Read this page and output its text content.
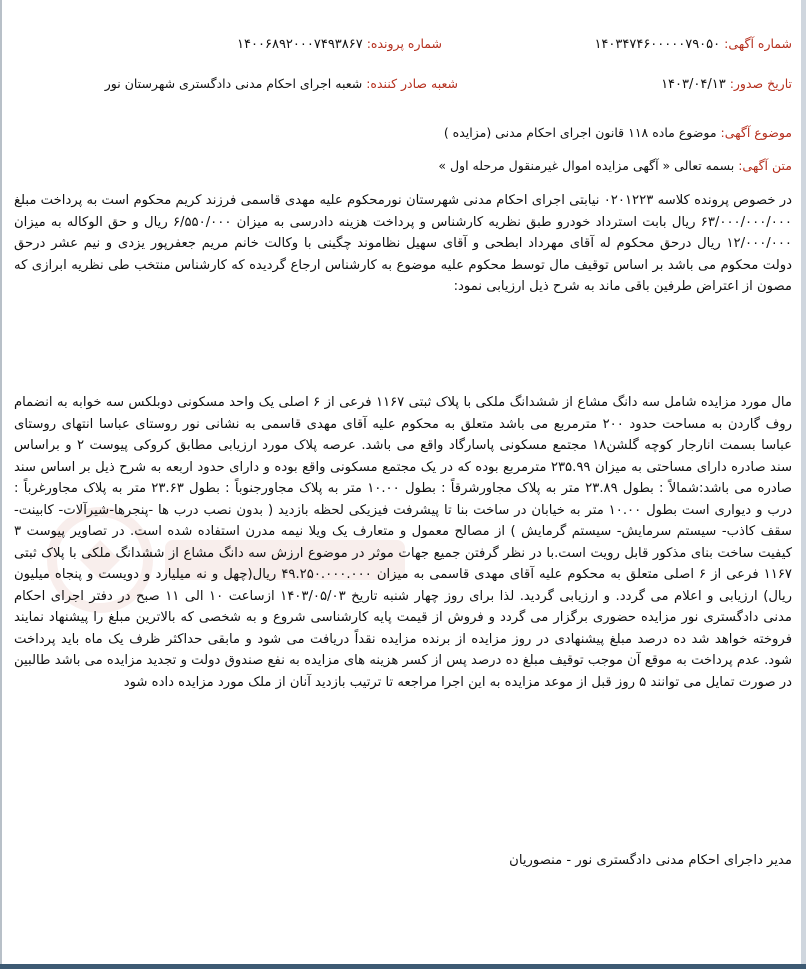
شماره آگهی: ۱۴۰۳۴۷۴۶۰۰۰۰۰۷۹۰۵۰
شماره پرونده: ۱۴۰۰۶۸۹۲۰۰۰۷۴۹۳۸۶۷
تاریخ صدور: ۱۴۰۳/۰۴/۱۳
شعبه صادر کننده: شعبه اجرای احکام مدنی دادگستری شهرستان نور
موضوع آگهی: موضوع ماده ۱۱۸ قانون اجرای احکام مدنی (مزایده )
متن آگهی: بسمه تعالی « آگهی مزایده اموال غیرمنقول مرحله اول »

در خصوص پرونده کلاسه ۰۲۰۱۲۲۳ نیابتی اجرای احکام مدنی شهرستان نورمحکوم علیه مهدی قاسمی فرزند کریم محکوم است به پرداخت مبلغ ۶۳/۰۰۰/۰۰۰/۰۰۰ ریال بابت استرداد خودرو طبق نظریه کارشناس و پرداخت هزینه دادرسی به میزان ۶/۵۵۰/۰۰۰ ریال و حق الوکاله به میزان ۱۲/۰۰۰/۰۰۰ ریال درحق محکوم له آقای مهرداد ابطحی و آقای سهیل نظاموند چگینی با وکالت خانم مریم جعفرپور یزدی و نیم عشر درحق دولت محکوم می باشد بر اساس توقیف مال توسط محکوم علیه موضوع به کارشناس ارجاع گردیده که کارشناس منتخب طی نظریه ابرازی که مصون از اعتراض طرفین باقی ماند به شرح ذیل ارزیابی نمود:

مال مورد مزایده شامل سه دانگ مشاع از ششدانگ ملکی با پلاک ثبتی ۱۱۶۷ فرعی از ۶ اصلی یک واحد مسکونی دوبلکس سه خوابه به انضمام روف گاردن به مساحت حدود ۲۰۰ مترمربع می باشد متعلق به محکوم علیه آقای مهدی قاسمی به نشانی نور روستای عباسا انتهای روستای عباسا بسمت انارجار کوچه گلشن۱۸ مجتمع مسکونی پاسارگاد واقع می باشد. عرصه پلاک مورد ارزیابی مطابق کروکی پیوست ۲ و براساس سند صادره دارای مساحتی به میزان ۲۳۵.۹۹ مترمربع بوده که در یک مجتمع مسکونی واقع بوده و دارای حدود اربعه به شرح ذیل بر اساس سند صادره می باشد:شمالاً : بطول ۲۳.۸۹ متر به پلاک مجاورشرقاً : بطول ۱۰.۰۰ متر به پلاک مجاورجنوباً : بطول ۲۳.۶۳ متر به پلاک مجاورغرباً : درب و دیواری است بطول ۱۰.۰۰ متر به خیابان در ساخت بنا تا پیشرفت فیزیکی لحظه بازدید ( بدون نصب درب ها -پنجرها-شیرآلات- کابینت- سقف کاذب- سیستم سرمایش- سیستم گرمایش ) از مصالح معمول و متعارف یک ویلا نیمه مدرن استفاده شده است. در تصاویر پیوست ۳ کیفیت ساخت بنای مذکور قابل رویت است.با در نظر گرفتن جمیع جهات موثر در موضوع ارزش سه دانگ مشاع از ششدانگ ملکی با پلاک ثبتی ۱۱۶۷ فرعی از ۶ اصلی متعلق به محکوم علیه آقای مهدی قاسمی به میزان ۴۹.۲۵۰.۰۰۰.۰۰۰ ریال(چهل و نه میلیارد و دویست و پنجاه میلیون ریال) ارزیابی و اعلام می گردد. و ارزیابی گردید. لذا برای روز چهار شنبه تاریخ ۱۴۰۳/۰۵/۰۳ ازساعت ۱۰ الی ۱۱ صبح در دفتر اجرای احکام مدنی دادگستری نور مزایده حضوری برگزار می گردد و فروش از قیمت پایه کارشناسی شروع و به شخصی که بالاترین مبلغ را پیشنهاد نمایند فروخته خواهد شد ده درصد مبلغ پیشنهادی در روز مزایده از برنده مزایده نقداً دریافت می شود و مابقی حداکثر ظرف یک ماه باید پرداخت شود. عدم پرداخت به موقع آن موجب توقیف مبلغ ده درصد پس از کسر هزینه های مزایده به نفع صندوق دولت و تجدید مزایده می باشد طالبین در صورت تمایل می توانند ۵ روز قبل از موعد مزایده به این اجرا مراجعه تا ترتیب بازدید آنان از ملک مورد مزایده داده شود

مدیر داجرای احکام مدنی دادگستری نور - منصوریان
